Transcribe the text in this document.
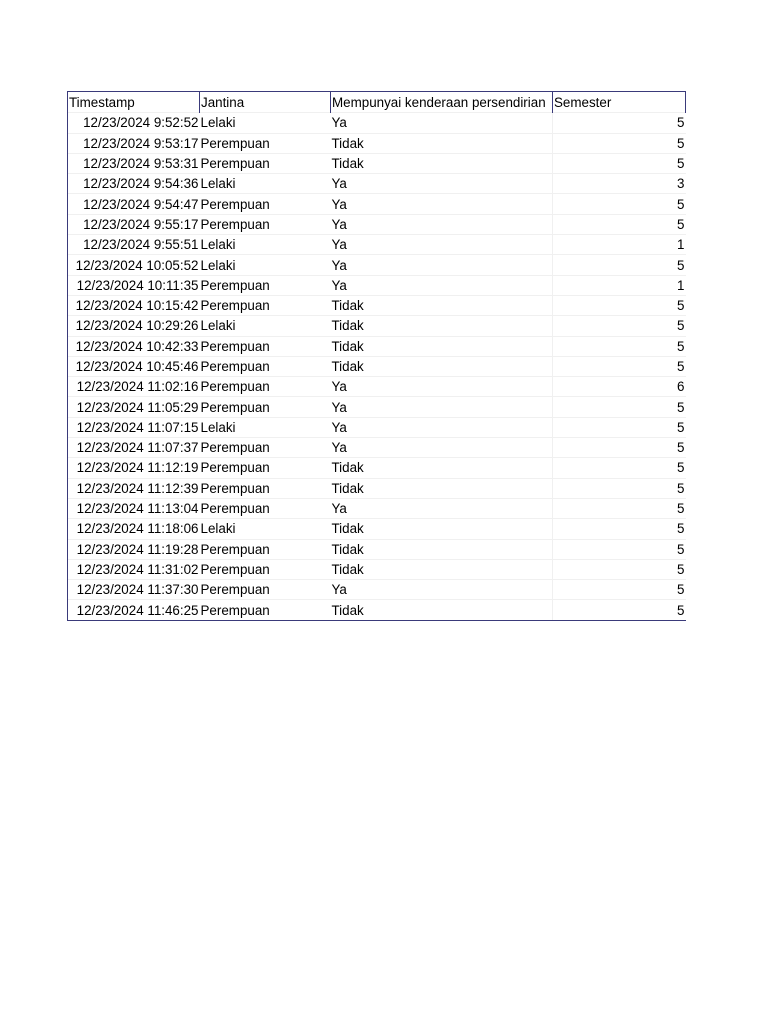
Timestamp	Jantina	Mempunyai kenderaan persendirian	Semester
12/23/2024 9:52:52	Lelaki	Ya	5
12/23/2024 9:53:17	Perempuan	Tidak	5
12/23/2024 9:53:31	Perempuan	Tidak	5
12/23/2024 9:54:36	Lelaki	Ya	3
12/23/2024 9:54:47	Perempuan	Ya	5
12/23/2024 9:55:17	Perempuan	Ya	5
12/23/2024 9:55:51	Lelaki	Ya	1
12/23/2024 10:05:52	Lelaki	Ya	5
12/23/2024 10:11:35	Perempuan	Ya	1
12/23/2024 10:15:42	Perempuan	Tidak	5
12/23/2024 10:29:26	Lelaki	Tidak	5
12/23/2024 10:42:33	Perempuan	Tidak	5
12/23/2024 10:45:46	Perempuan	Tidak	5
12/23/2024 11:02:16	Perempuan	Ya	6
12/23/2024 11:05:29	Perempuan	Ya	5
12/23/2024 11:07:15	Lelaki	Ya	5
12/23/2024 11:07:37	Perempuan	Ya	5
12/23/2024 11:12:19	Perempuan	Tidak	5
12/23/2024 11:12:39	Perempuan	Tidak	5
12/23/2024 11:13:04	Perempuan	Ya	5
12/23/2024 11:18:06	Lelaki	Tidak	5
12/23/2024 11:19:28	Perempuan	Tidak	5
12/23/2024 11:31:02	Perempuan	Tidak	5
12/23/2024 11:37:30	Perempuan	Ya	5
12/23/2024 11:46:25	Perempuan	Tidak	5
